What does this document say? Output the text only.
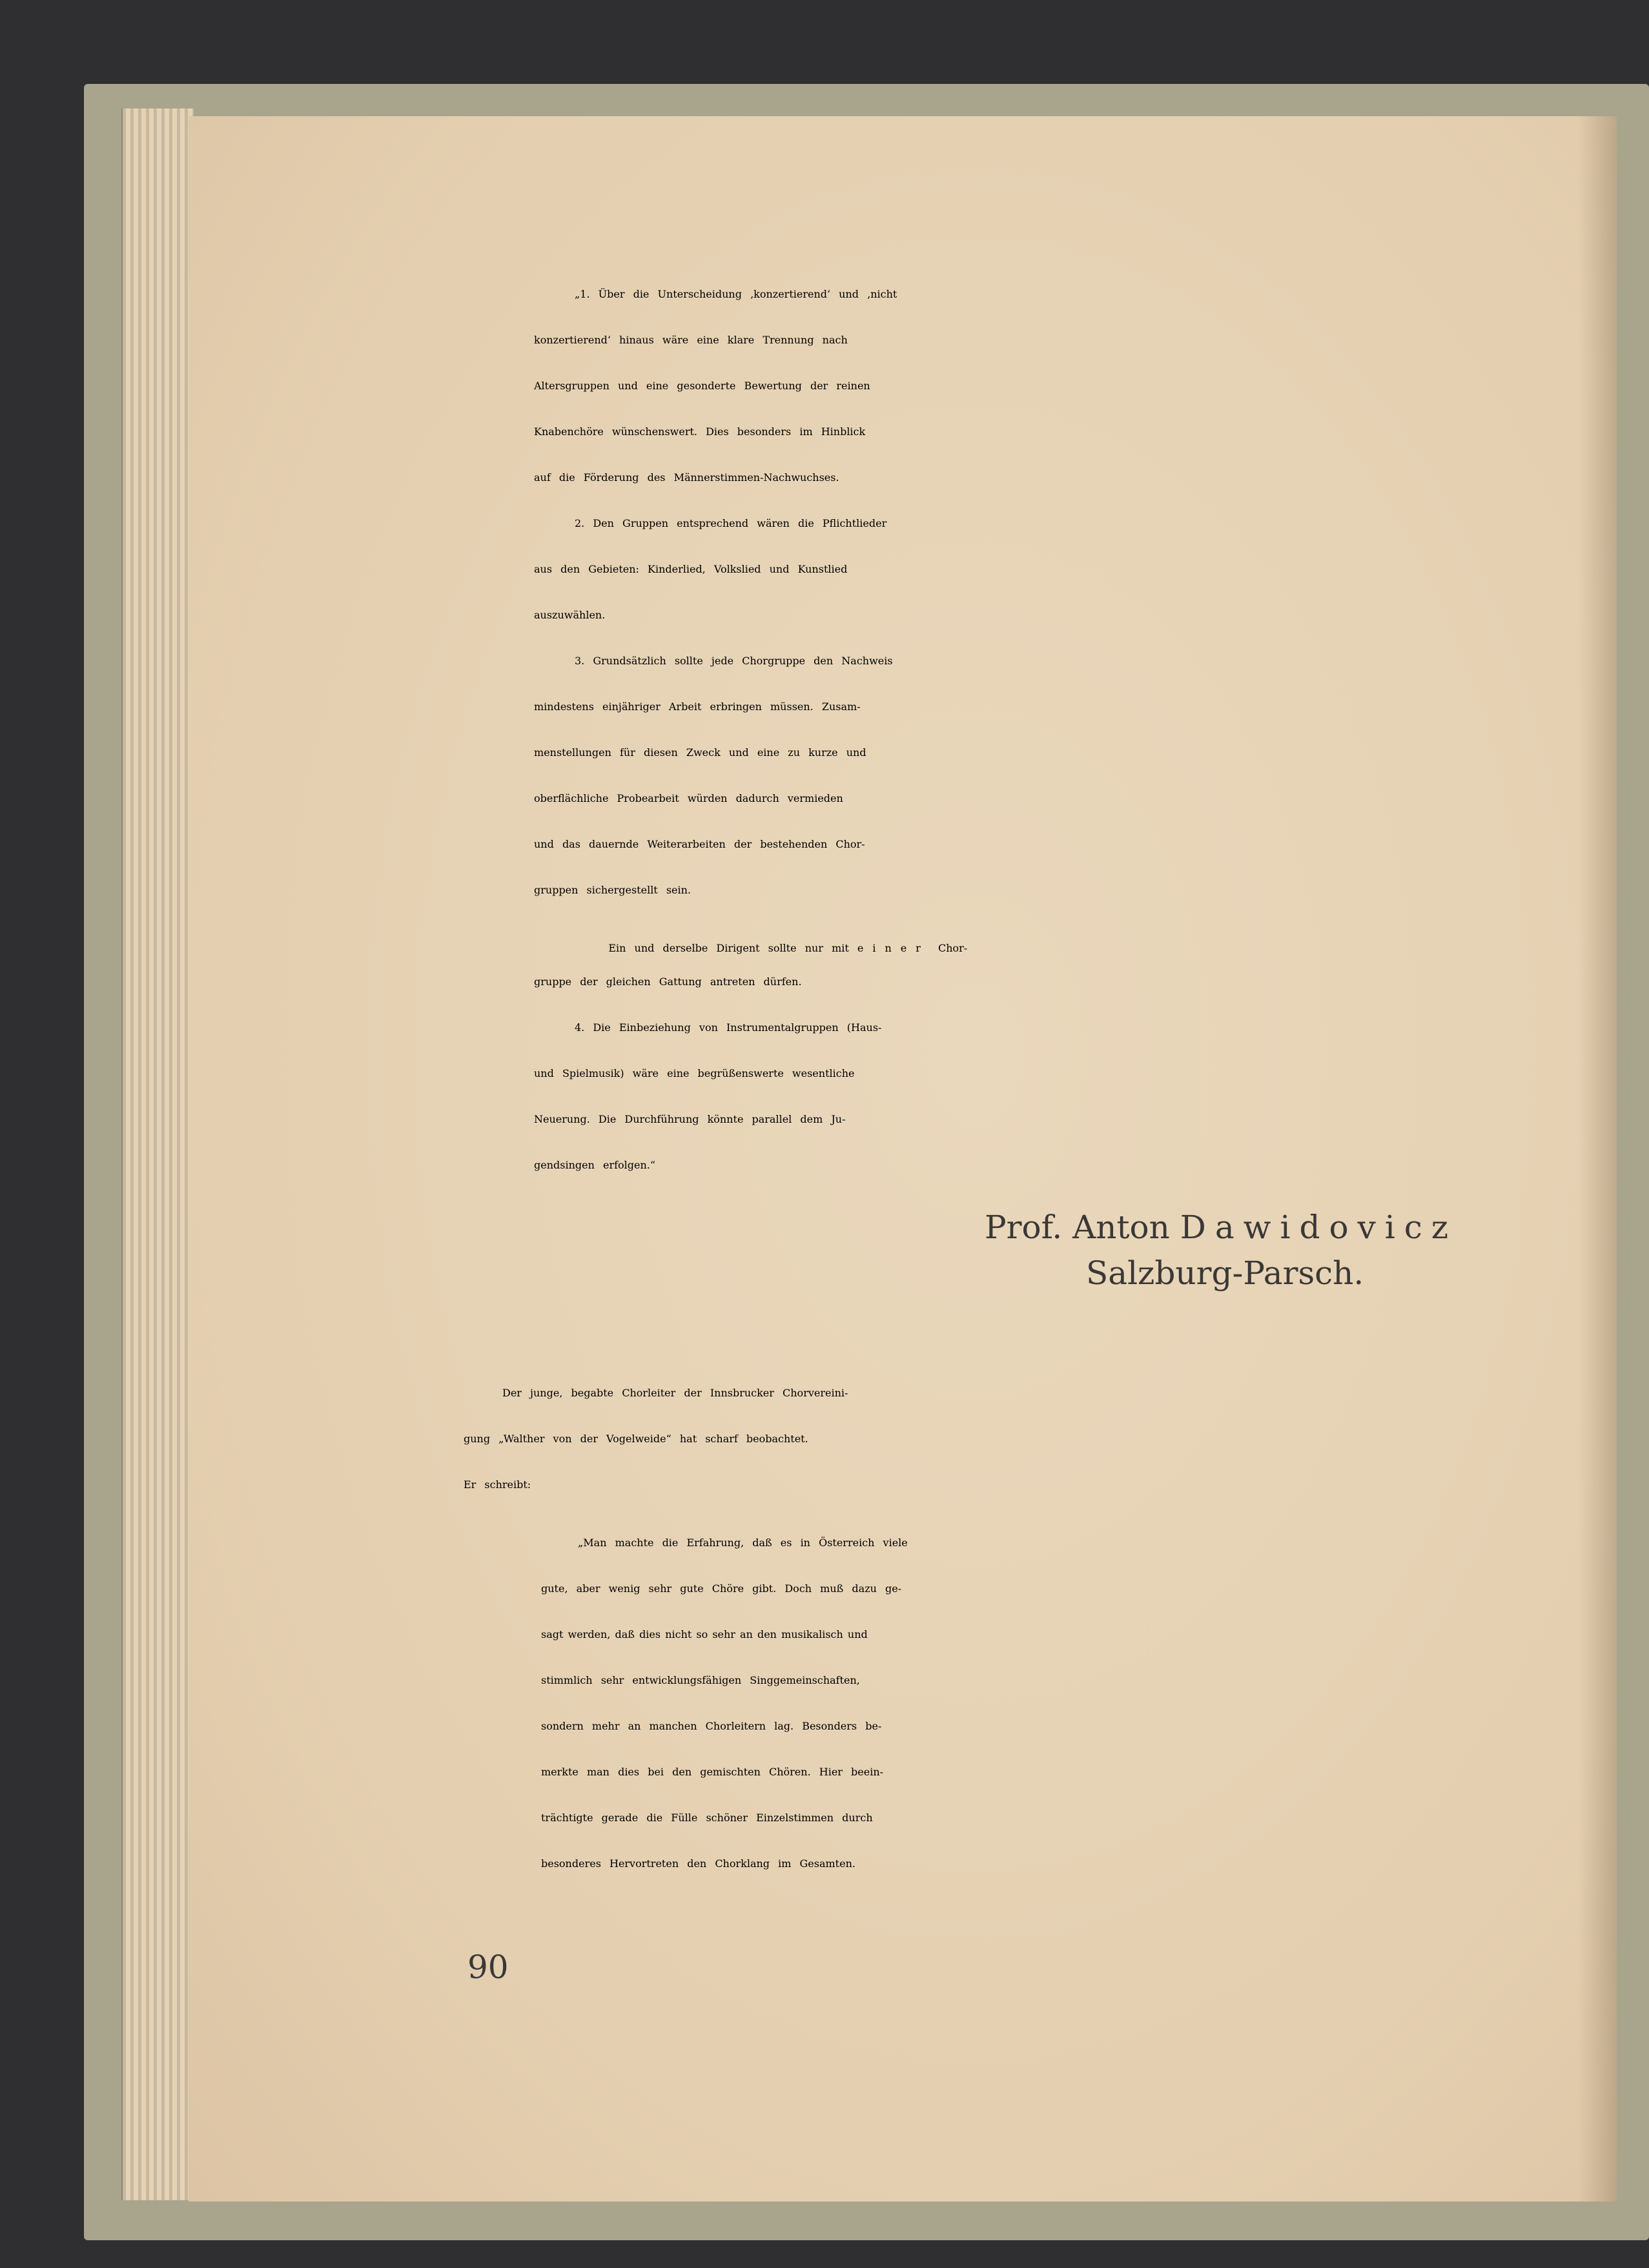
„1. Über die Unterscheidung ‚konzertierend‘ und ‚nicht
konzertierend‘ hinaus wäre eine klare Trennung nach
Altersgruppen und eine gesonderte Bewertung der reinen
Knabenchöre wünschenswert. Dies besonders im Hinblick
auf die Förderung des Männerstimmen-Nachwuchses.
2. Den Gruppen entsprechend wären die Pflichtlieder
aus den Gebieten: Kinderlied, Volkslied und Kunstlied
auszuwählen.
3. Grundsätzlich sollte jede Chorgruppe den Nachweis
mindestens einjähriger Arbeit erbringen müssen. Zusam-
menstellungen für diesen Zweck und eine zu kurze und
oberflächliche Probearbeit würden dadurch vermieden
und das dauernde Weiterarbeiten der bestehenden Chor-
gruppen sichergestellt sein.

Ein und derselbe Dirigent sollte nur mit einer Chor-

gruppe der gleichen Gattung antreten dürfen.
4. Die Einbeziehung von Instrumentalgruppen (Haus-
und Spielmusik) wäre eine begrüßenswerte wesentliche
Neuerung. Die Durchführung könnte parallel dem Ju-
gendsingen erfolgen.“
Prof. Anton Dawidovicz
Salzburg-Parsch.
Der junge, begabte Chorleiter der Innsbrucker Chorvereini-
gung „Walther von der Vogelweide“ hat scharf beobachtet.
Er schreibt:
„Man machte die Erfahrung, daß es in Österreich viele
gute, aber wenig sehr gute Chöre gibt. Doch muß dazu ge-
sagt werden, daß dies nicht so sehr an den musikalisch und
stimmlich sehr entwicklungsfähigen Singgemeinschaften,
sondern mehr an manchen Chorleitern lag. Besonders be-
merkte man dies bei den gemischten Chören. Hier beein-
trächtigte gerade die Fülle schöner Einzelstimmen durch
besonderes Hervortreten den Chorklang im Gesamten.
90
